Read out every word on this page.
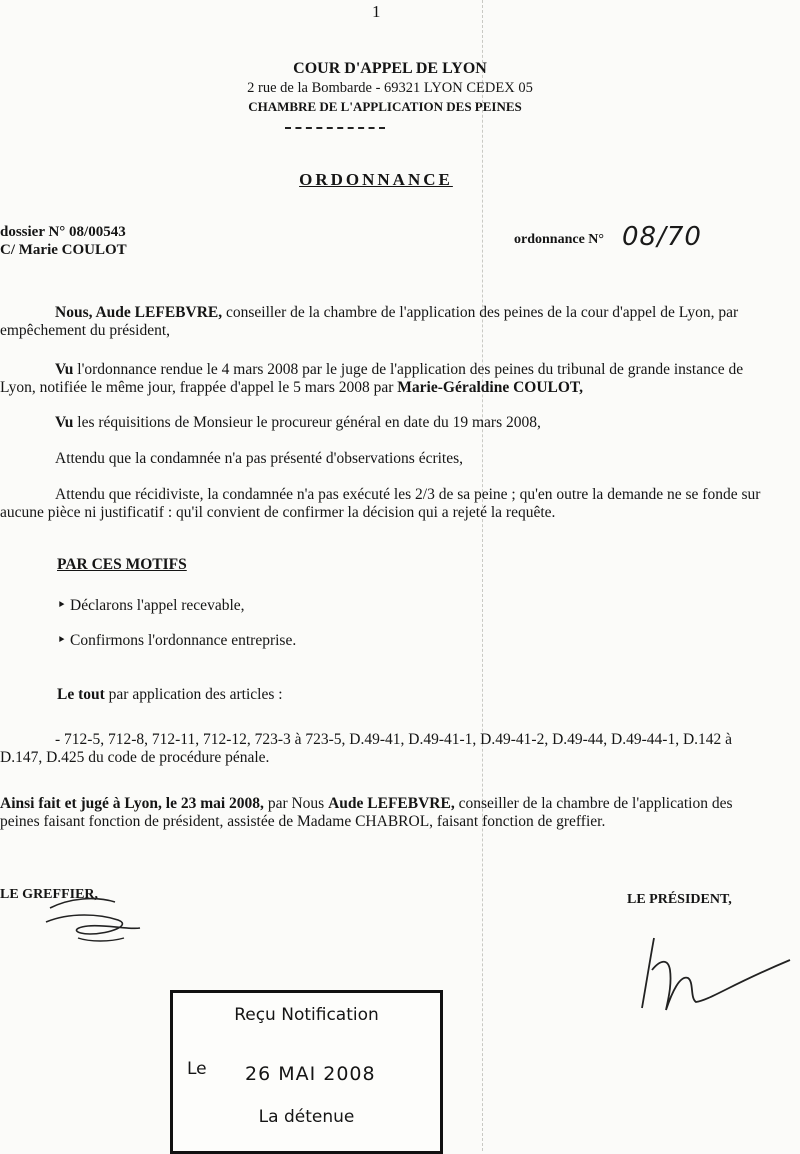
1
COUR D'APPEL DE LYON
2 rue de la Bombarde - 69321 LYON CEDEX 05
CHAMBRE DE L'APPLICATION DES PEINES
ORDONNANCE
dossier N° 08/00543
C/ Marie COULOT
ordonnance N° 08/70
Nous, Aude LEFEBVRE, conseiller de la chambre de l'application des peines de la cour d'appel de Lyon, par empêchement du président,
Vu l'ordonnance rendue le 4 mars 2008 par le juge de l'application des peines du tribunal de grande instance de Lyon, notifiée le même jour, frappée d'appel le 5 mars 2008 par Marie-Géraldine COULOT,
Vu les réquisitions de Monsieur le procureur général en date du 19 mars 2008,
Attendu que la condamnée n'a pas présenté d'observations écrites,
Attendu que récidiviste, la condamnée n'a pas exécuté les 2/3 de sa peine ; qu'en outre la demande ne se fonde sur aucune pièce ni justificatif : qu'il convient de confirmer la décision qui a rejeté la requête.
PAR CES MOTIFS
‣ Déclarons l'appel recevable,
‣ Confirmons l'ordonnance entreprise.
Le tout par application des articles :
- 712-5, 712-8, 712-11, 712-12, 723-3 à 723-5, D.49-41, D.49-41-1, D.49-41-2, D.49-44, D.49-44-1, D.142 à D.147, D.425 du code de procédure pénale.
Ainsi fait et jugé à Lyon, le 23 mai 2008, par Nous Aude LEFEBVRE, conseiller de la chambre de l'application des peines faisant fonction de président, assistée de Madame CHABROL, faisant fonction de greffier.
LE GREFFIER,	LE PRÉSIDENT,
Reçu Notification
Le 26 MAI 2008
La détenue
